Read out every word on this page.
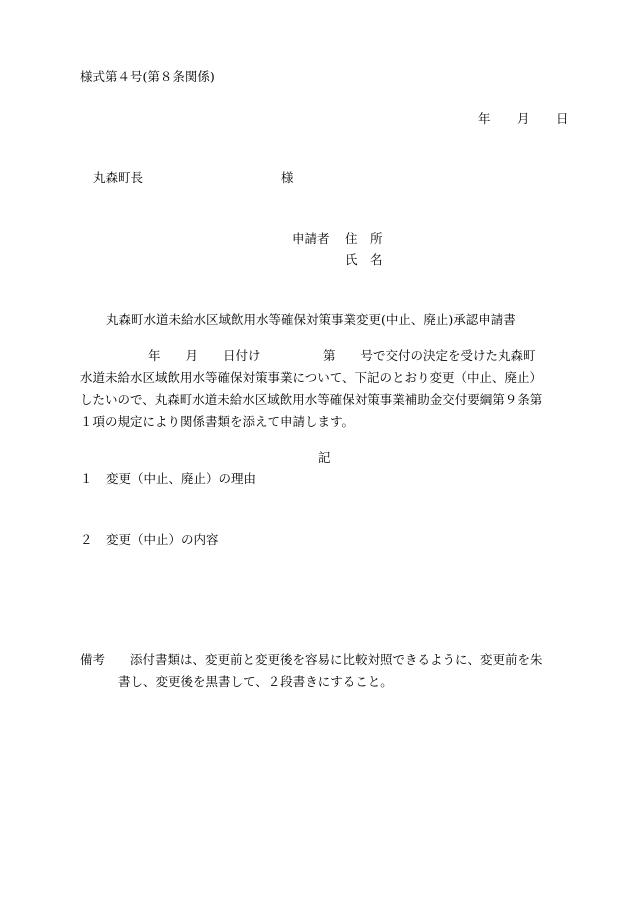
様式第４号(第８条関係)
年　　月　　日
丸森町長	様
申請者 住　所
氏　名
丸森町水道未給水区域飲用水等確保対策事業変更(中止、廃止)承認申請書
年　　月　　日付け　　　　　第　　号で交付の決定を受けた丸森町
水道未給水区域飲用水等確保対策事業について、下記のとおり変更（中止、廃止）
したいので、丸森町水道未給水区域飲用水等確保対策事業補助金交付要綱第９条第
１項の規定により関係書類を添えて申請します。
記
１ 変更（中止、廃止）の理由
２ 変更（中止）の内容
備考 添付書類は、変更前と変更後を容易に比較対照できるように、変更前を朱
書し、変更後を黒書して、２段書きにすること。
